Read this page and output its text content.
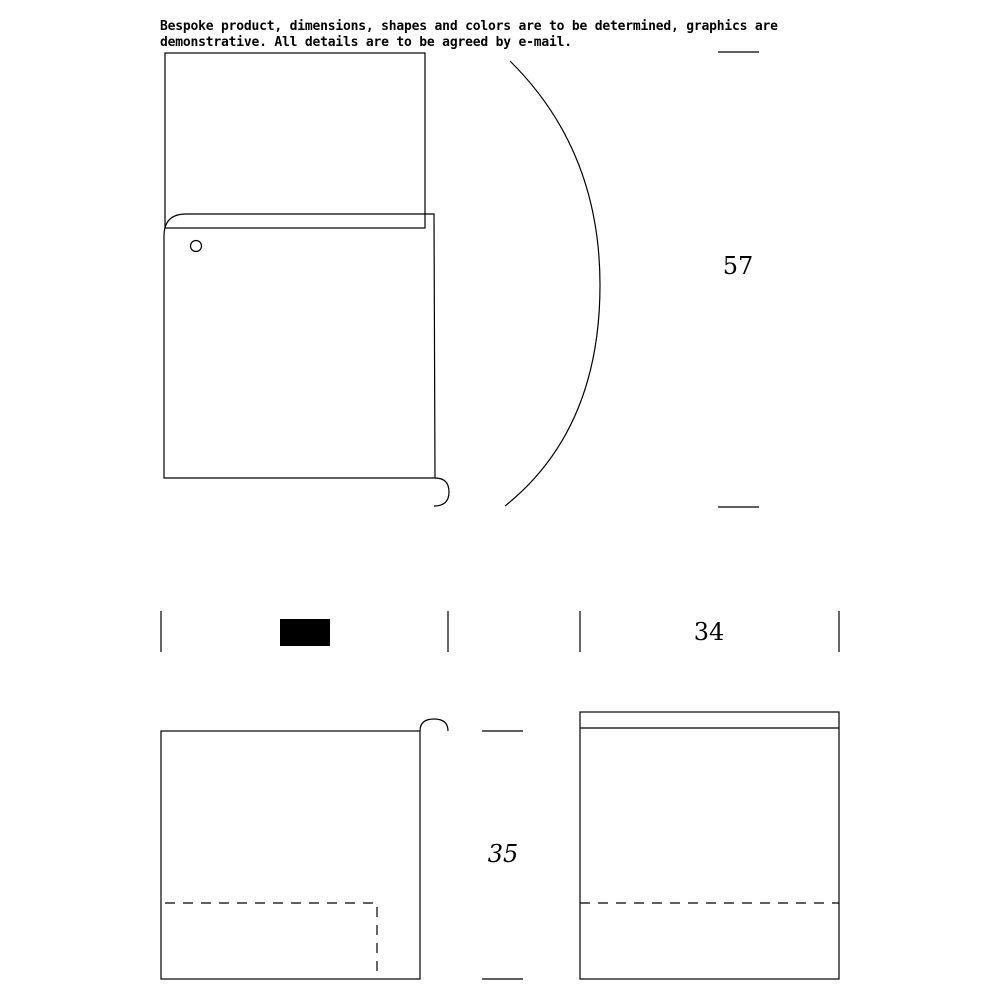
Bespoke product, dimensions, shapes and colors are to be determined, graphics are demonstrative. All details are to be agreed by e-mail.
57
34
35
